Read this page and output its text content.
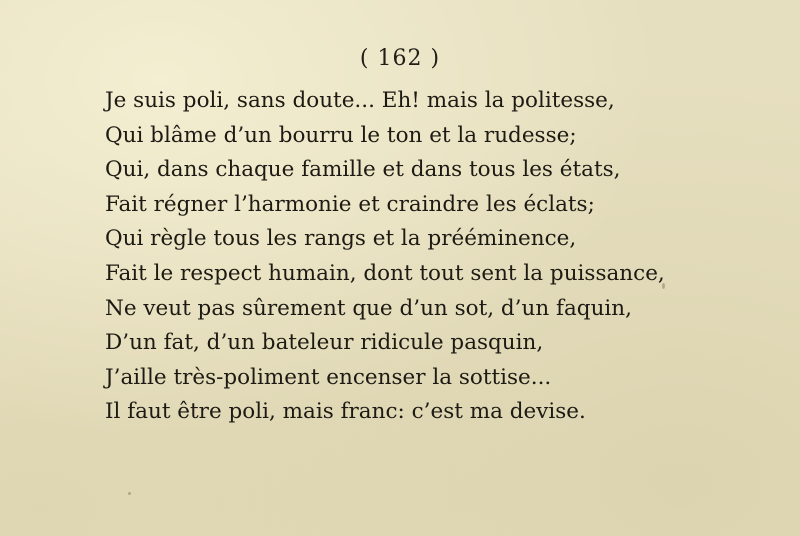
( 162 )
Je suis poli, sans doute... Eh! mais la politesse,
Qui blâme d’un bourru le ton et la rudesse;
Qui, dans chaque famille et dans tous les états,
Fait régner l’harmonie et craindre les éclats;
Qui règle tous les rangs et la prééminence,
Fait le respect humain, dont tout sent la puissance,
Ne veut pas sûrement que d’un sot, d’un faquin,
D’un fat, d’un bateleur ridicule pasquin,
J’aille très-poliment encenser la sottise...
Il faut être poli, mais franc: c’est ma devise.
